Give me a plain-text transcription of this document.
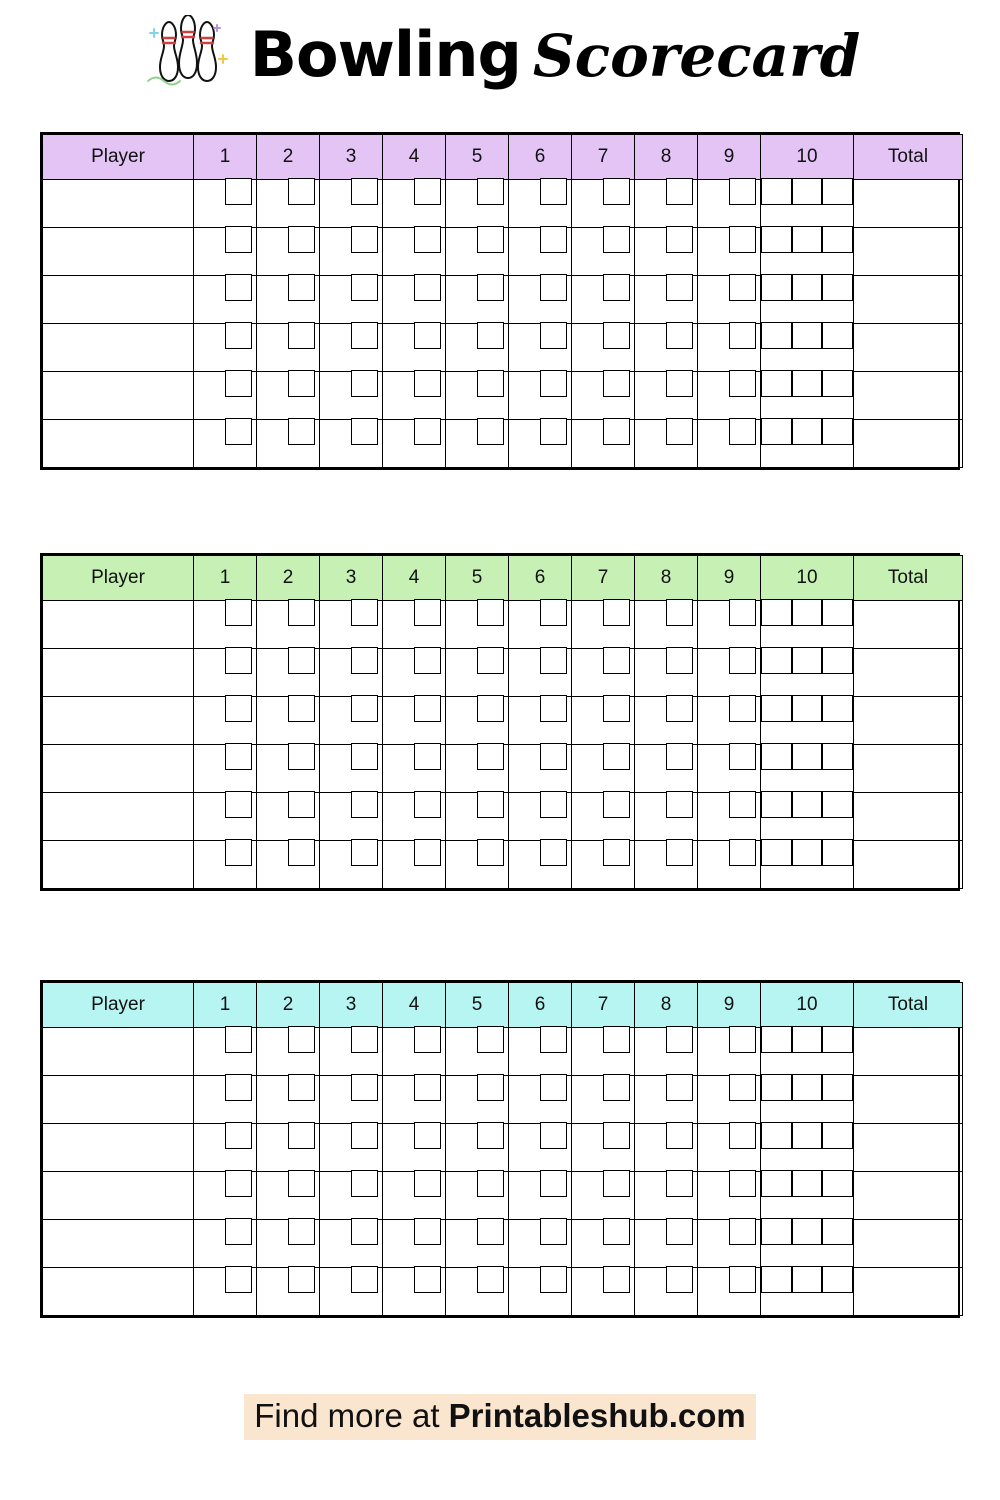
Bowling Scorecard
Player	1	2	3	4	5	6	7	8	9	10	Total

Player	1	2	3	4	5	6	7	8	9	10	Total

Player	1	2	3	4	5	6	7	8	9	10	Total

Find more at Printableshub.com
